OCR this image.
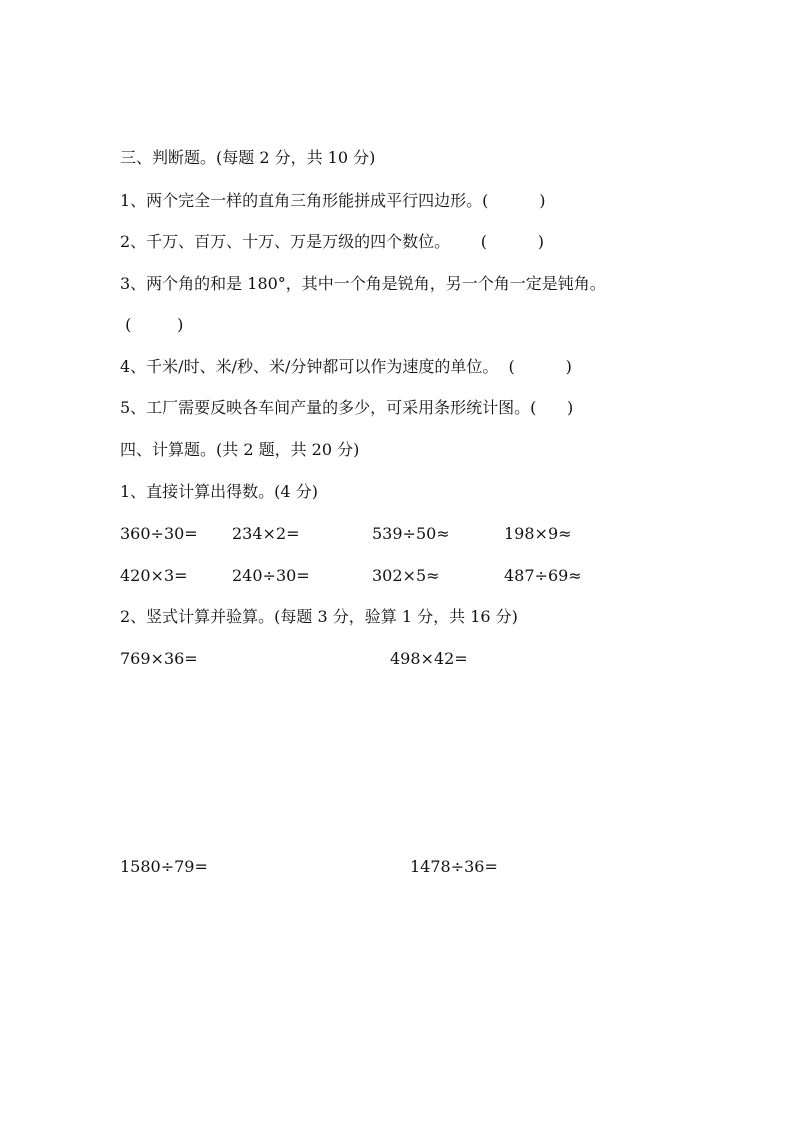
三、判断题。(每题 2 分，共 10 分)
1、两个完全一样的直角三角形能拼成平行四边形。(          )
2、千万、百万、十万、万是万级的四个数位。      (          )
3、两个角的和是 180°，其中一个角是锐角，另一个角一定是钝角。
(         )
4、千米/时、米/秒、米/分钟都可以作为速度的单位。  (          )
5、工厂需要反映各车间产量的多少，可采用条形统计图。(      )
四、计算题。(共 2 题，共 20 分)
1、直接计算出得数。(4 分)
360÷30= 234×2=	539÷50≈	198×9≈
420×3=	240÷30=	302×5≈	487÷69≈
2、竖式计算并验算。(每题 3 分，验算 1 分，共 16 分)
769×36=	498×42=
1580÷79=	1478÷36=
